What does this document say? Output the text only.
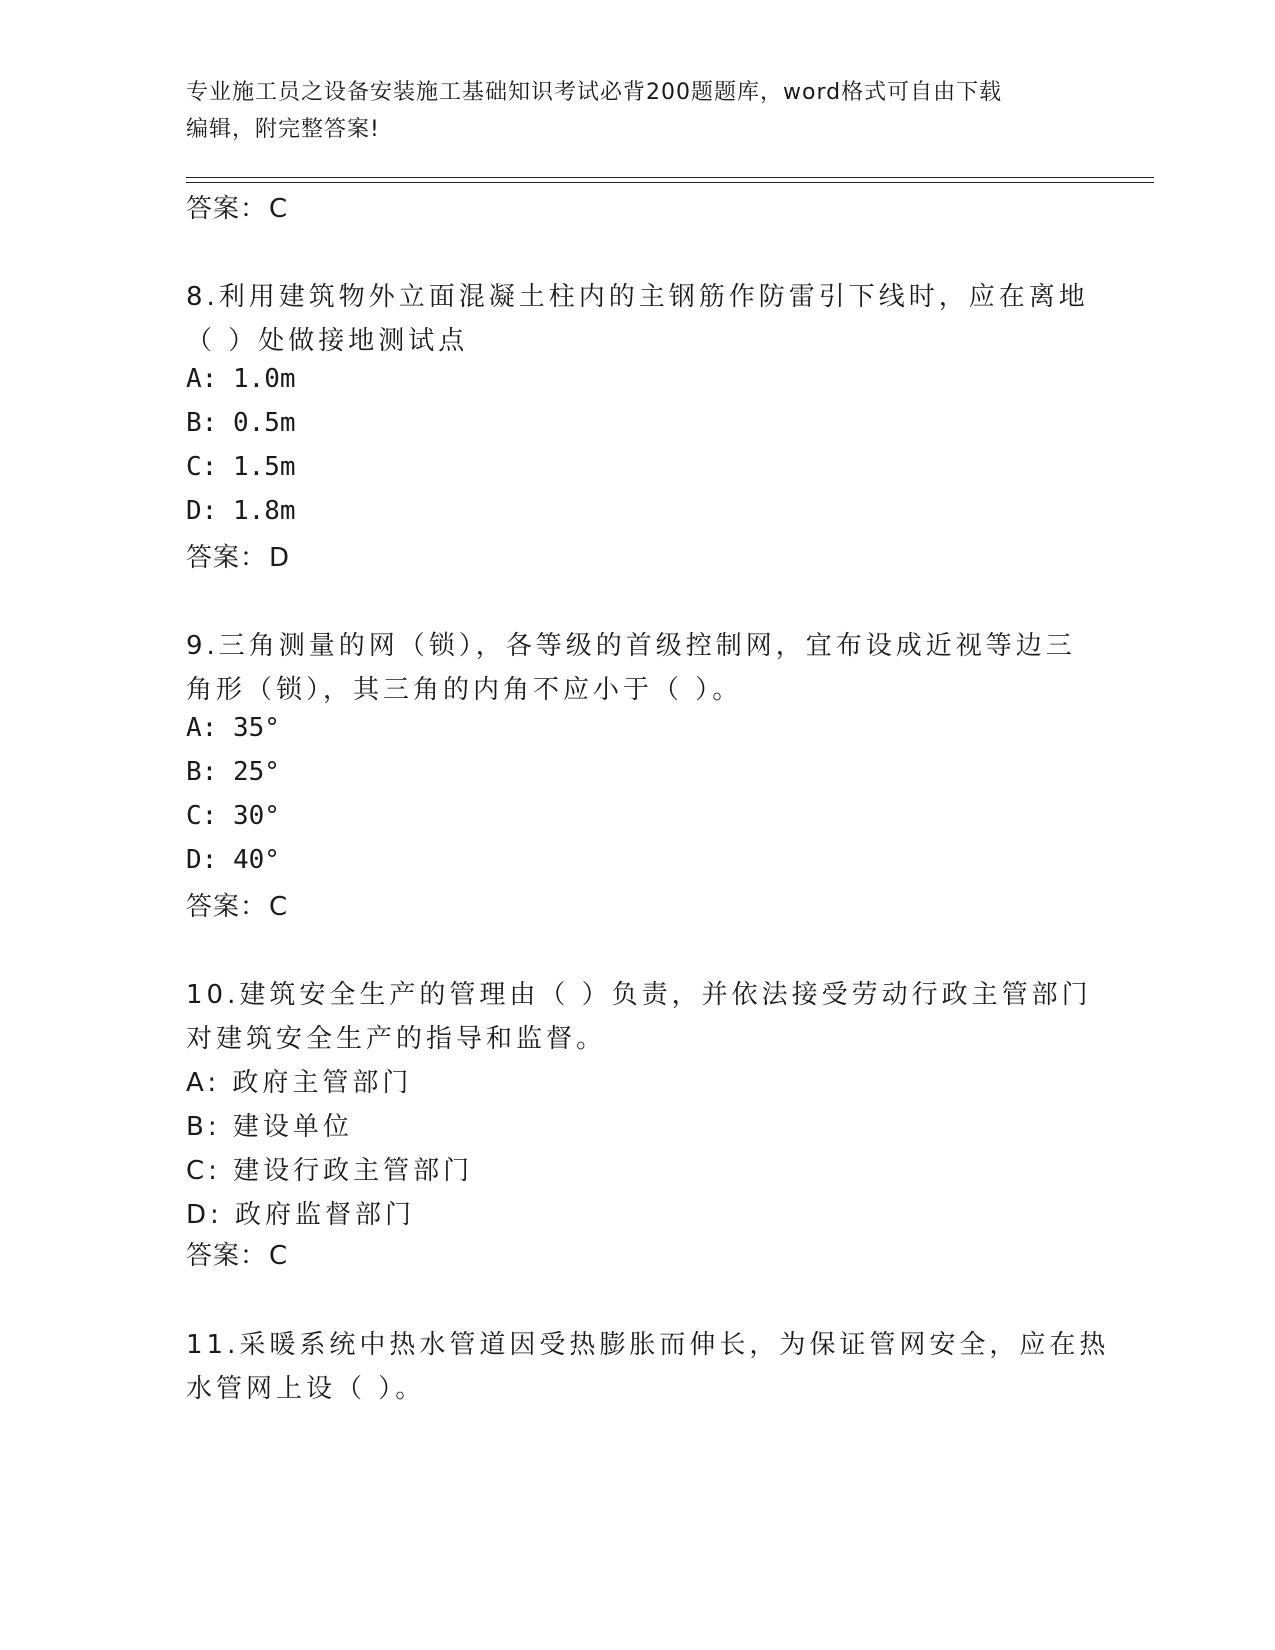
专业施工员之设备安装施工基础知识考试必背200题题库，word格式可自由下载
编辑，附完整答案!
答案：C
8.利用建筑物外立面混凝土柱内的主钢筋作防雷引下线时，应在离地
（ ）处做接地测试点
A: 1.0m
B: 0.5m
C: 1.5m
D: 1.8m
答案：D
9.三角测量的网（锁），各等级的首级控制网，宜布设成近视等边三
角形（锁），其三角的内角不应小于（ ）。
A: 35°
B: 25°
C: 30°
D: 40°
答案：C
10.建筑安全生产的管理由（ ）负责，并依法接受劳动行政主管部门
对建筑安全生产的指导和监督。
A: 政府主管部门
B: 建设单位
C: 建设行政主管部门
D: 政府监督部门
答案：C
11.采暖系统中热水管道因受热膨胀而伸长，为保证管网安全，应在热
水管网上设（ ）。
